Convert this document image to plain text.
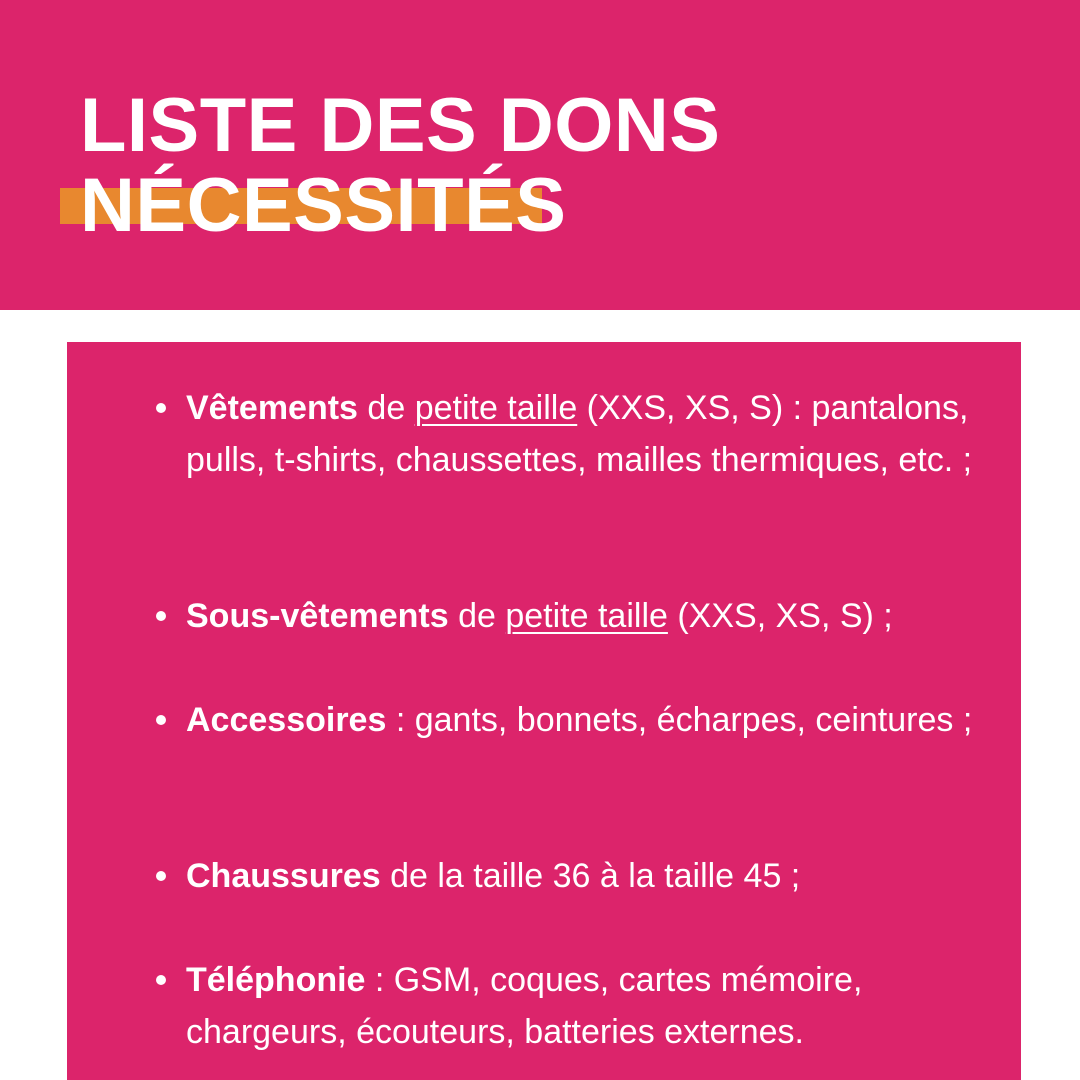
LISTE DES DONS
NÉCESSITÉS
Vêtements de petite taille (XXS, XS, S) : pantalons, pulls, t-shirts, chaussettes, mailles thermiques, etc. ;
Sous-vêtements de petite taille (XXS, XS, S) ;
Accessoires : gants, bonnets, écharpes, ceintures ;
Chaussures de la taille 36 à la taille 45 ;
Téléphonie : GSM, coques, cartes mémoire, chargeurs, écouteurs, batteries externes.
